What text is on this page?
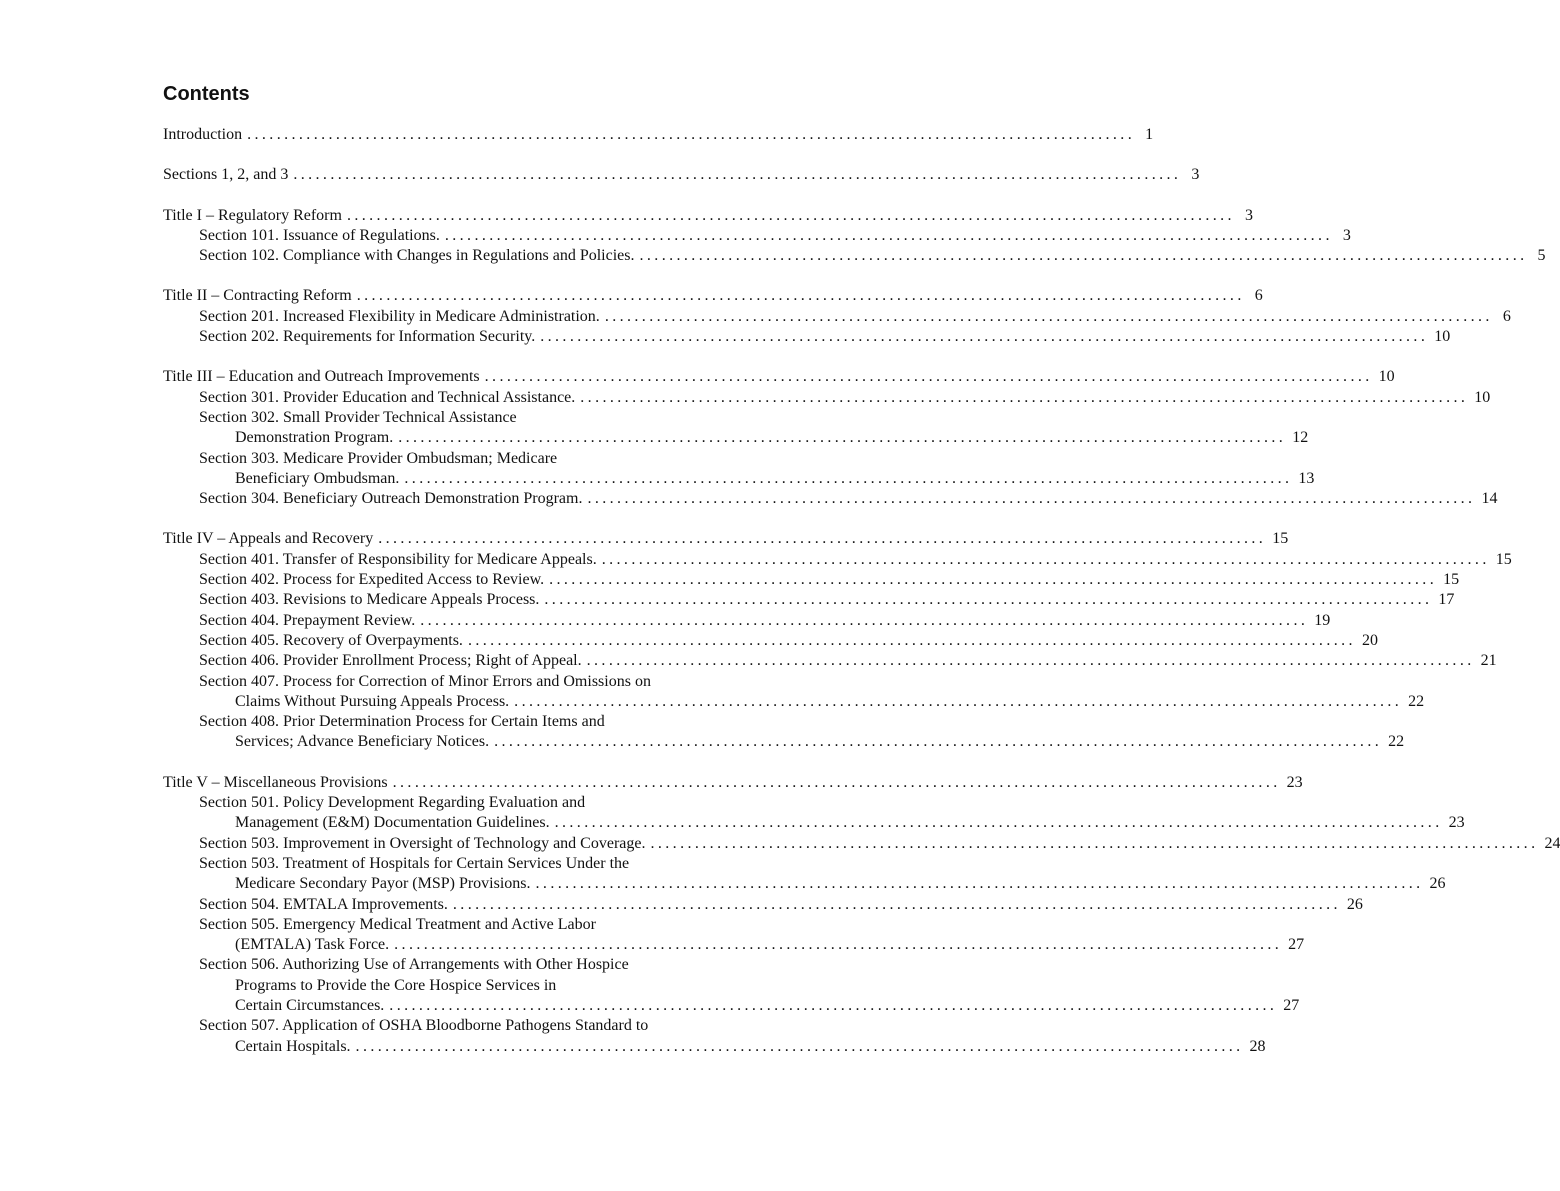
Contents
Introduction ........................................................................................................................ 1
Sections 1, 2, and 3 ........................................................................................................................ 3
Title I – Regulatory Reform ........................................................................................................................ 3
Section 101. Issuance of Regulations. ........................................................................................................................ 3
Section 102. Compliance with Changes in Regulations and Policies. ........................................................................................................................ 5
Title II – Contracting Reform ........................................................................................................................ 6
Section 201. Increased Flexibility in Medicare Administration. ........................................................................................................................ 6
Section 202. Requirements for Information Security. ........................................................................................................................ 10
Title III – Education and Outreach Improvements ........................................................................................................................ 10
Section 301. Provider Education and Technical Assistance. ........................................................................................................................ 10
Section 302. Small Provider Technical Assistance
Demonstration Program. ........................................................................................................................ 12
Section 303. Medicare Provider Ombudsman; Medicare
Beneficiary Ombudsman. ........................................................................................................................ 13
Section 304. Beneficiary Outreach Demonstration Program. ........................................................................................................................ 14
Title IV – Appeals and Recovery ........................................................................................................................ 15
Section 401. Transfer of Responsibility for Medicare Appeals. ........................................................................................................................ 15
Section 402. Process for Expedited Access to Review. ........................................................................................................................ 15
Section 403. Revisions to Medicare Appeals Process. ........................................................................................................................ 17
Section 404. Prepayment Review. ........................................................................................................................ 19
Section 405. Recovery of Overpayments. ........................................................................................................................ 20
Section 406. Provider Enrollment Process; Right of Appeal. ........................................................................................................................ 21
Section 407. Process for Correction of Minor Errors and Omissions on
Claims Without Pursuing Appeals Process. ........................................................................................................................ 22
Section 408. Prior Determination Process for Certain Items and
Services; Advance Beneficiary Notices. ........................................................................................................................ 22
Title V – Miscellaneous Provisions ........................................................................................................................ 23
Section 501. Policy Development Regarding Evaluation and
Management (E&M) Documentation Guidelines. ........................................................................................................................ 23
Section 503. Improvement in Oversight of Technology and Coverage. ........................................................................................................................ 24
Section 503. Treatment of Hospitals for Certain Services Under the
Medicare Secondary Payor (MSP) Provisions. ........................................................................................................................ 26
Section 504. EMTALA Improvements. ........................................................................................................................ 26
Section 505. Emergency Medical Treatment and Active Labor
(EMTALA) Task Force. ........................................................................................................................ 27
Section 506. Authorizing Use of Arrangements with Other Hospice
Programs to Provide the Core Hospice Services in
Certain Circumstances. ........................................................................................................................ 27
Section 507. Application of OSHA Bloodborne Pathogens Standard to
Certain Hospitals. ........................................................................................................................ 28
